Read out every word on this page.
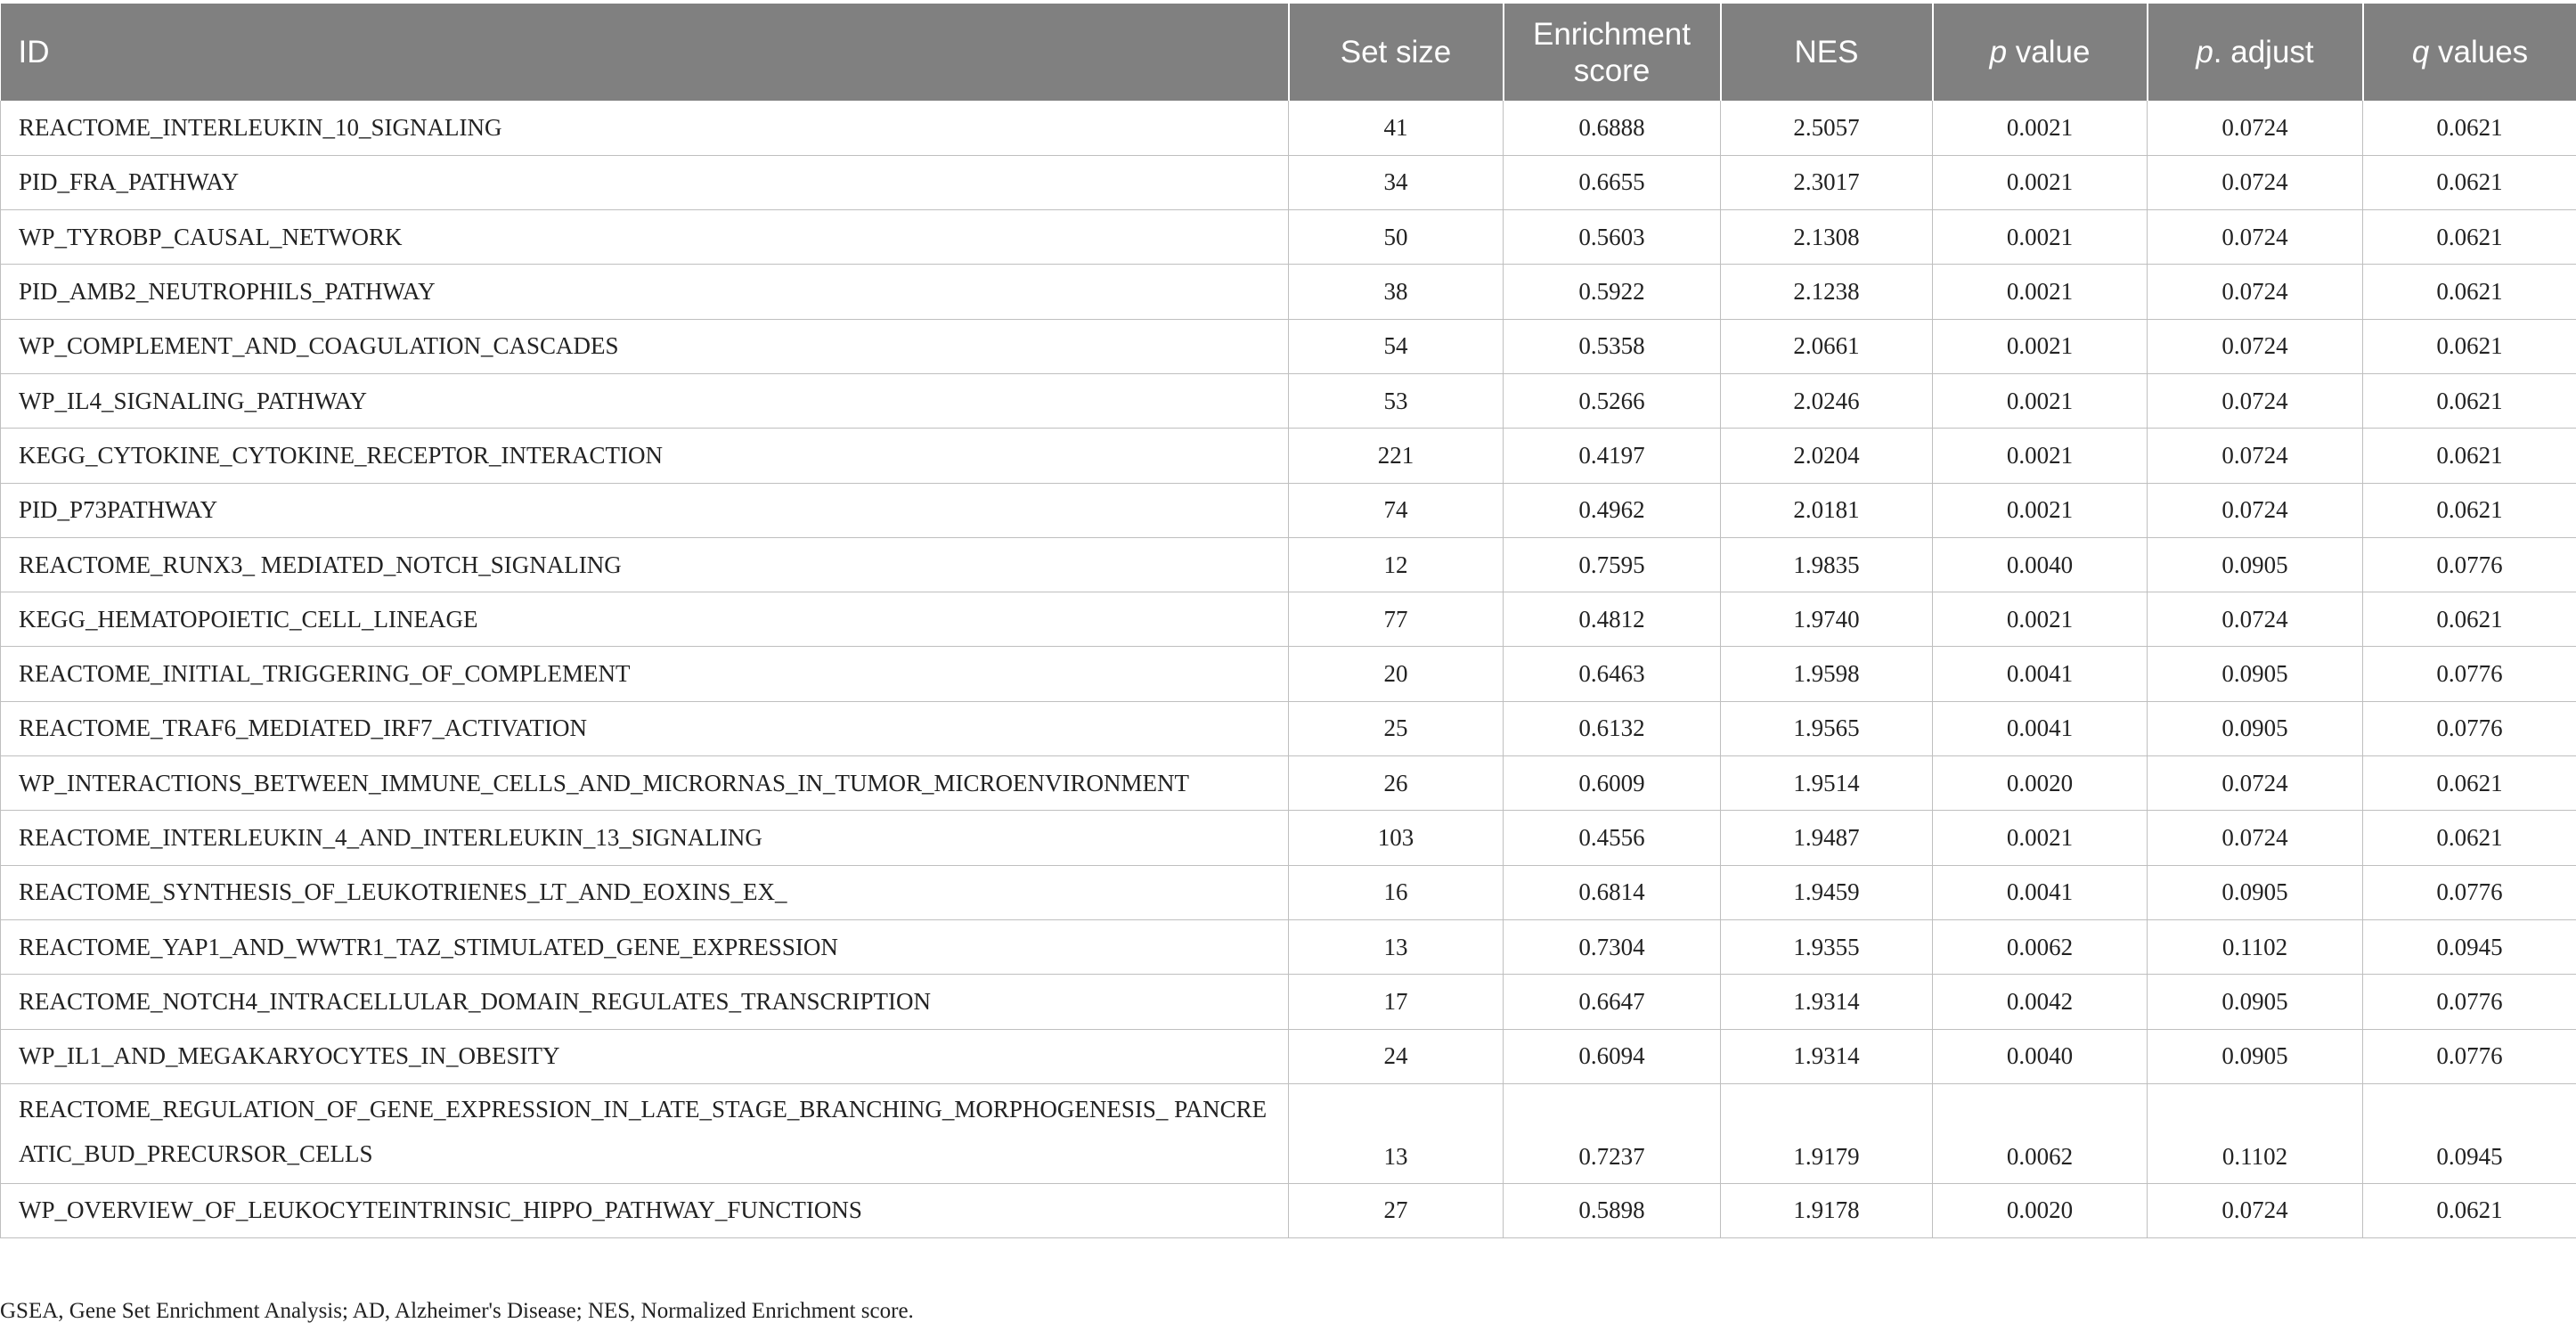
ID	Set size	Enrichment score	NES	p value	p. adjust	q values
REACTOME_INTERLEUKIN_10_SIGNALING	41	0.6888	2.5057	0.0021	0.0724	0.0621
PID_FRA_PATHWAY	34	0.6655	2.3017	0.0021	0.0724	0.0621
WP_TYROBP_CAUSAL_NETWORK	50	0.5603	2.1308	0.0021	0.0724	0.0621
PID_AMB2_NEUTROPHILS_PATHWAY	38	0.5922	2.1238	0.0021	0.0724	0.0621
WP_COMPLEMENT_AND_COAGULATION_CASCADES	54	0.5358	2.0661	0.0021	0.0724	0.0621
WP_IL4_SIGNALING_PATHWAY	53	0.5266	2.0246	0.0021	0.0724	0.0621
KEGG_CYTOKINE_CYTOKINE_RECEPTOR_INTERACTION	221	0.4197	2.0204	0.0021	0.0724	0.0621
PID_P73PATHWAY	74	0.4962	2.0181	0.0021	0.0724	0.0621
REACTOME_RUNX3_ MEDIATED_NOTCH_SIGNALING	12	0.7595	1.9835	0.0040	0.0905	0.0776
KEGG_HEMATOPOIETIC_CELL_LINEAGE	77	0.4812	1.9740	0.0021	0.0724	0.0621
REACTOME_INITIAL_TRIGGERING_OF_COMPLEMENT	20	0.6463	1.9598	0.0041	0.0905	0.0776
REACTOME_TRAF6_MEDIATED_IRF7_ACTIVATION	25	0.6132	1.9565	0.0041	0.0905	0.0776
WP_INTERACTIONS_BETWEEN_IMMUNE_CELLS_AND_MICRORNAS_IN_TUMOR_MICROENVIRONMENT	26	0.6009	1.9514	0.0020	0.0724	0.0621
REACTOME_INTERLEUKIN_4_AND_INTERLEUKIN_13_SIGNALING	103	0.4556	1.9487	0.0021	0.0724	0.0621
REACTOME_SYNTHESIS_OF_LEUKOTRIENES_LT_AND_EOXINS_EX_	16	0.6814	1.9459	0.0041	0.0905	0.0776
REACTOME_YAP1_AND_WWTR1_TAZ_STIMULATED_GENE_EXPRESSION	13	0.7304	1.9355	0.0062	0.1102	0.0945
REACTOME_NOTCH4_INTRACELLULAR_DOMAIN_REGULATES_TRANSCRIPTION	17	0.6647	1.9314	0.0042	0.0905	0.0776
WP_IL1_AND_MEGAKARYOCYTES_IN_OBESITY	24	0.6094	1.9314	0.0040	0.0905	0.0776
REACTOME_REGULATION_OF_GENE_EXPRESSION_IN_LATE_STAGE_BRANCHING_MORPHOGENESIS_ PANCREATIC_BUD_PRECURSOR_CELLS	13	0.7237	1.9179	0.0062	0.1102	0.0945
WP_OVERVIEW_OF_LEUKOCYTEINTRINSIC_HIPPO_PATHWAY_FUNCTIONS	27	0.5898	1.9178	0.0020	0.0724	0.0621
GSEA, Gene Set Enrichment Analysis; AD, Alzheimer's Disease; NES, Normalized Enrichment score.
